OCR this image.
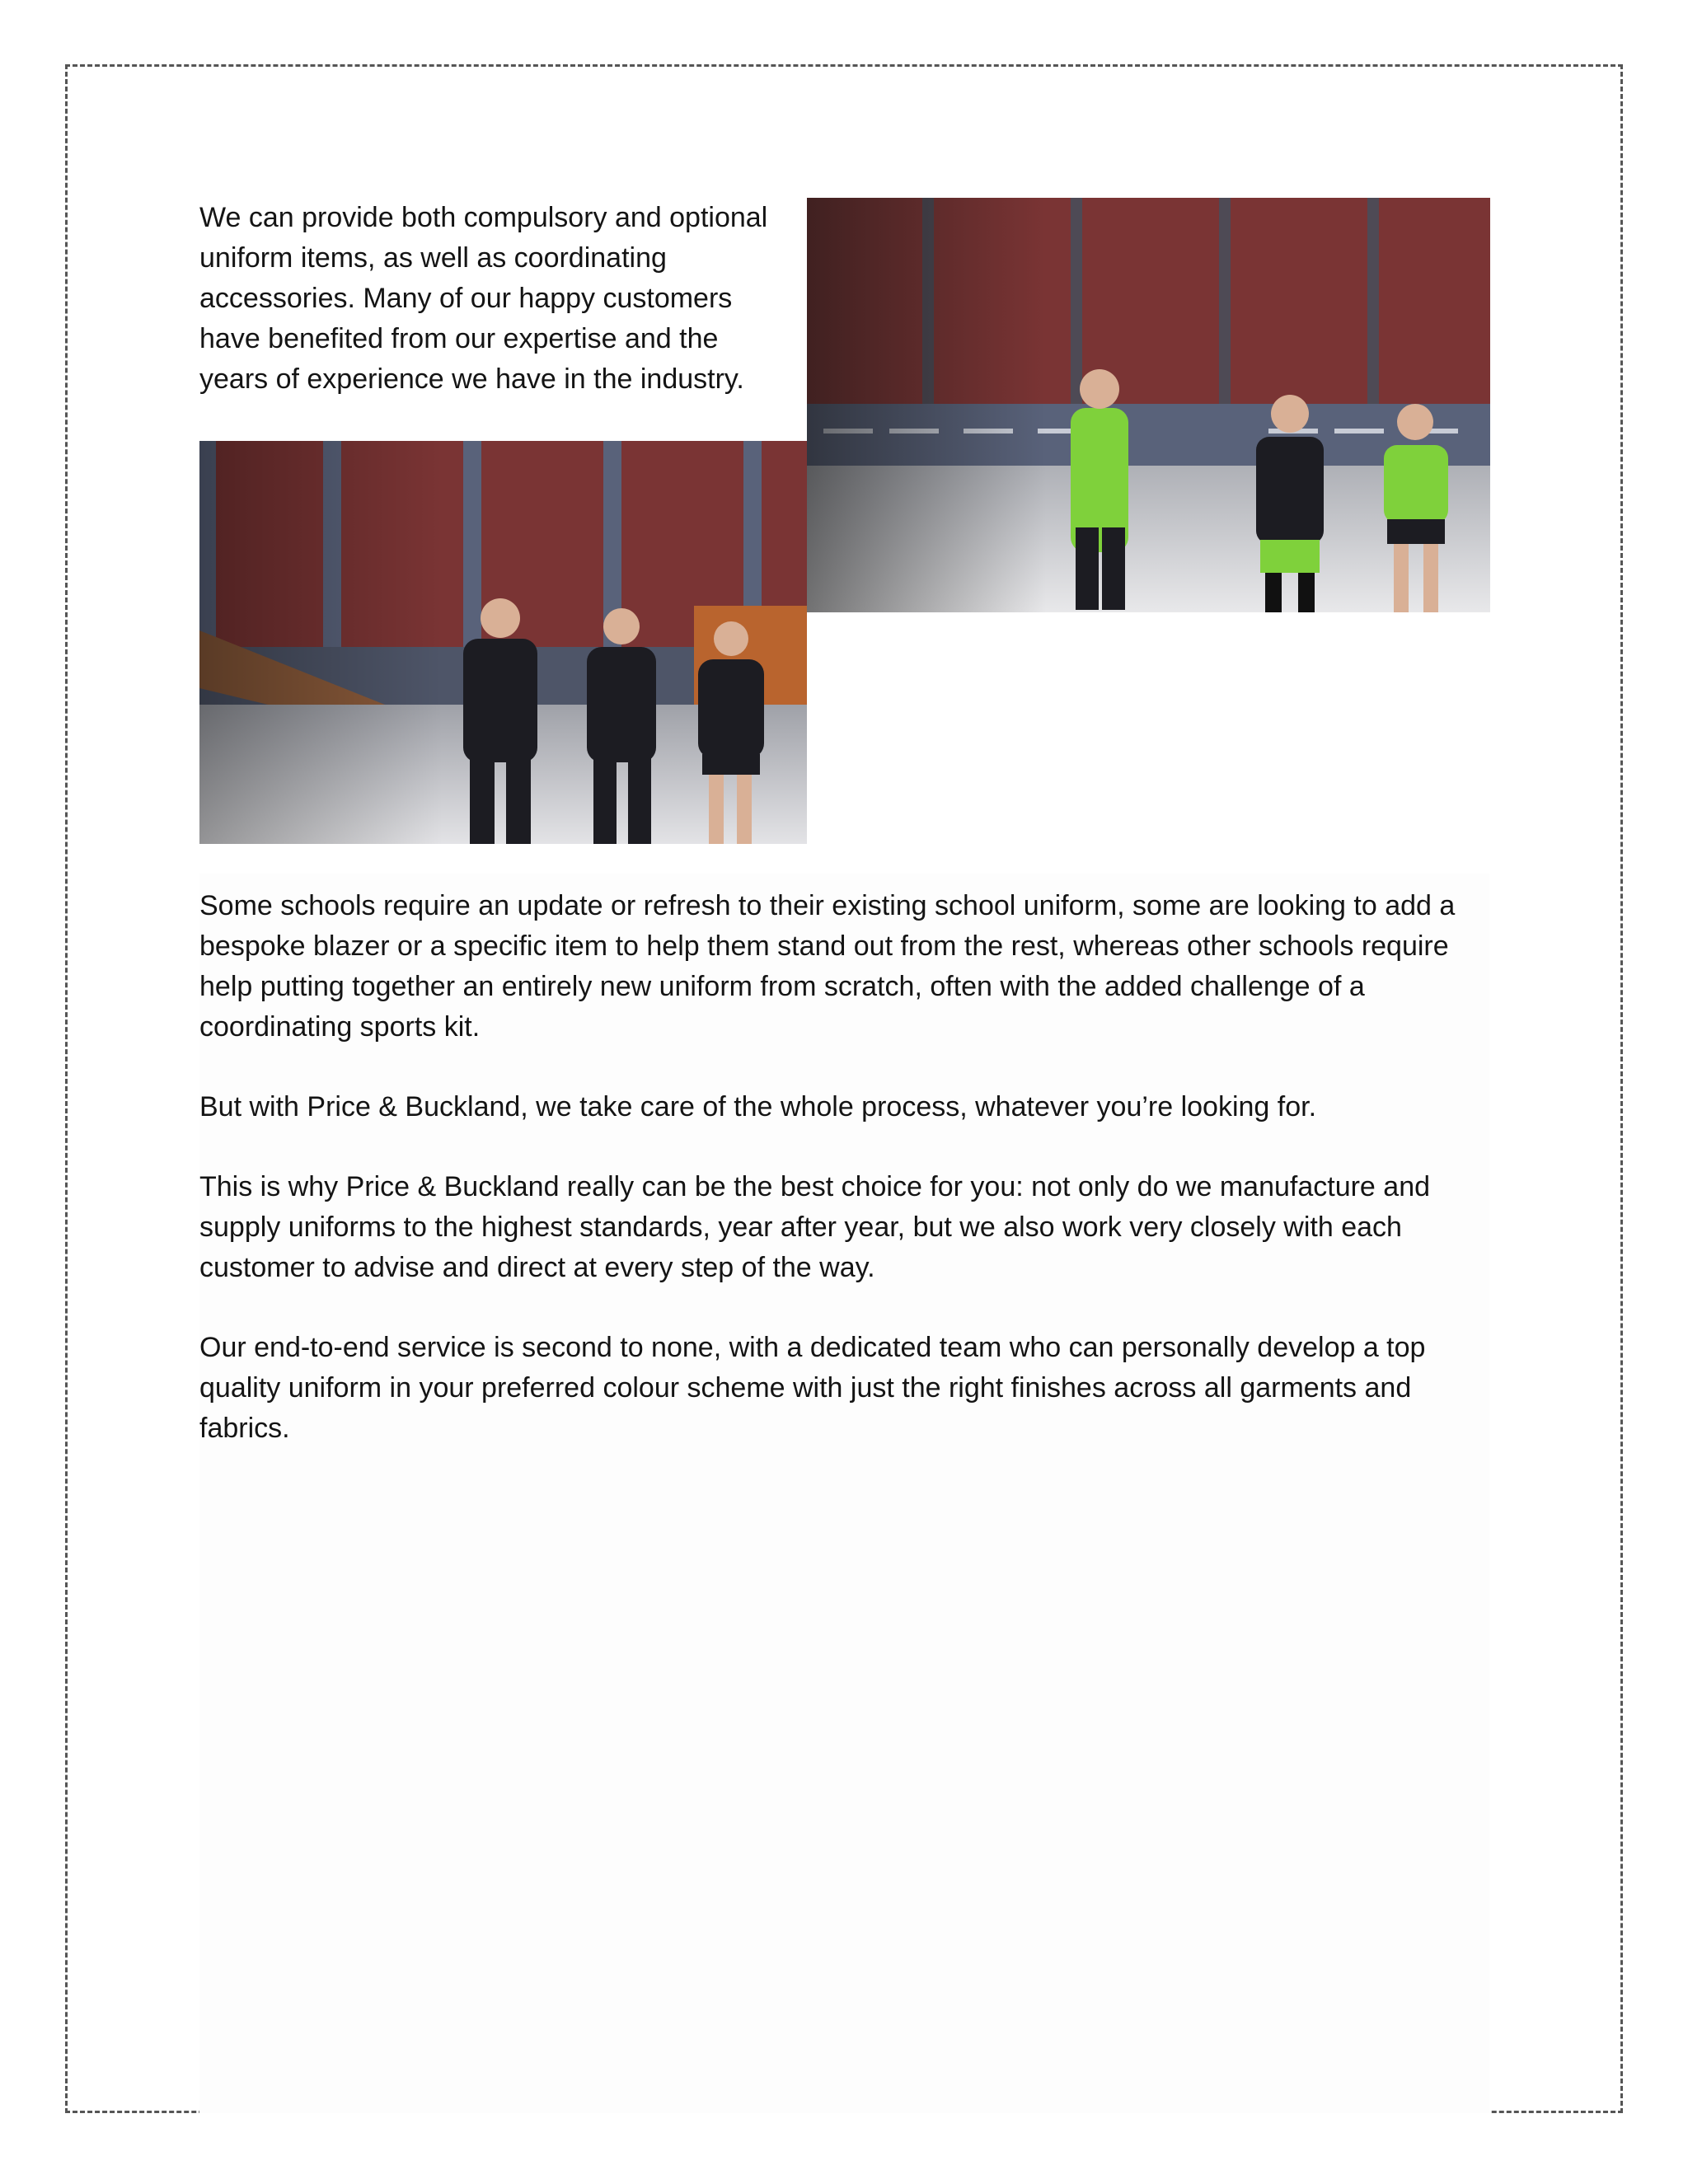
We can provide both compulsory and optional uniform items, as well as coordinating accessories. Many of our happy customers have benefited from our expertise and the years of experience we have in the industry.

Some schools require an update or refresh to their existing school uniform, some are looking to add a bespoke blazer or a specific item to help them stand out from the rest, whereas other schools require help putting together an entirely new uniform from scratch, often with the added challenge of a coordinating sports kit.

But with Price & Buckland, we take care of the whole process, whatever you’re looking for.

This is why Price & Buckland really can be the best choice for you: not only do we manufacture and supply uniforms to the highest standards, year after year, but we also work very closely with each customer to advise and direct at every step of the way.

Our end-to-end service is second to none, with a dedicated team who can personally develop a top quality uniform in your preferred colour scheme with just the right finishes across all garments and fabrics.
